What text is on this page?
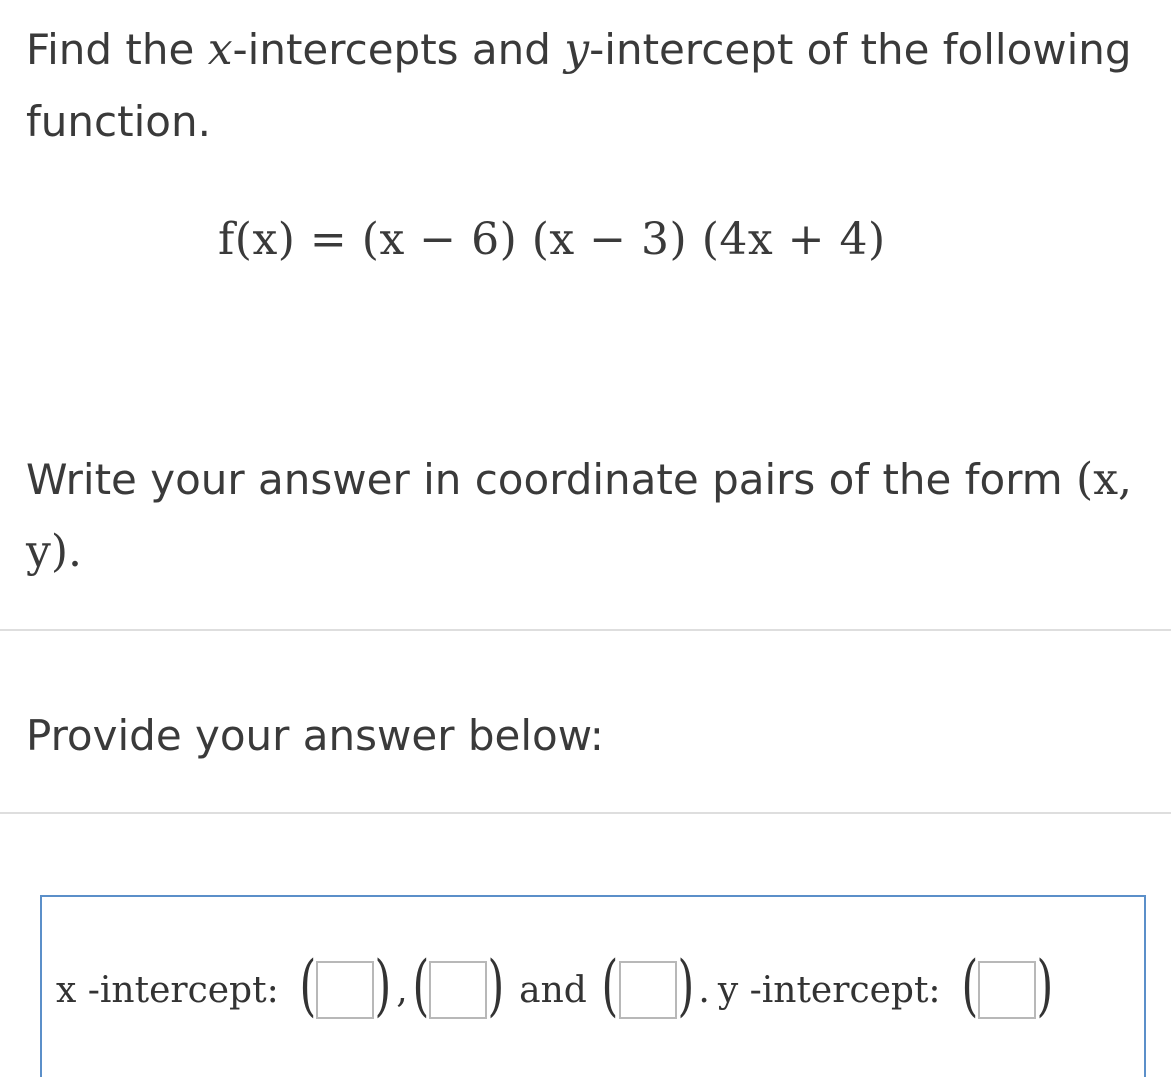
Find the x-intercepts and y-intercept of the following function.
f(x) = (x − 6) (x − 3) (4x + 4)
Write your answer in coordinate pairs of the form (x, y).
Provide your answer below:
x -intercept: ( ) , ( ) and ( ) . y -intercept: ( )
